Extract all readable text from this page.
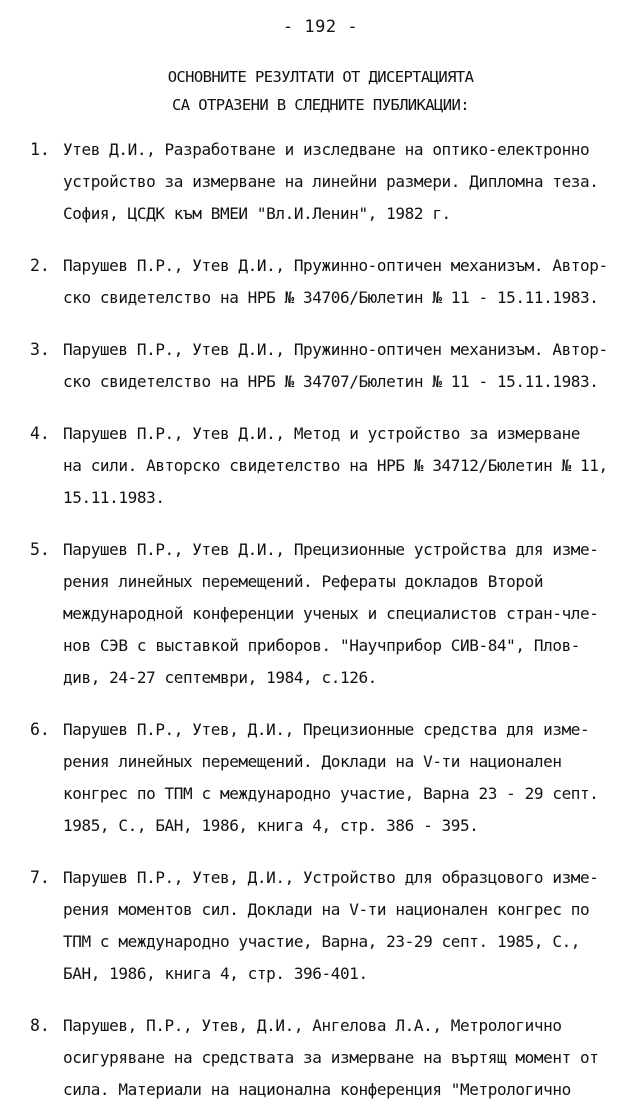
- 192 -
ОСНОВНИТЕ РЕЗУЛТАТИ ОТ ДИСЕРТАЦИЯТА
СА ОТРАЗЕНИ В СЛЕДНИТЕ ПУБЛИКАЦИИ:
1. Утев Д.И., Разработване и изследване на оптико-електронно
устройство за измерване на линейни размери. Дипломна теза.
София, ЦСДК към ВМЕИ "Вл.И.Ленин", 1982 г.
2. Парушев П.Р., Утев Д.И., Пружинно-оптичен механизъм. Автор-
ско свидетелство на НРБ № 34706/Бюлетин № 11 - 15.11.1983.
3. Парушев П.Р., Утев Д.И., Пружинно-оптичен механизъм. Автор-
ско свидетелство на НРБ № 34707/Бюлетин № 11 - 15.11.1983.
4. Парушев П.Р., Утев Д.И., Метод и устройство за измерване
на сили. Авторско свидетелство на НРБ № 34712/Бюлетин № 11,
15.11.1983.
5. Парушев П.Р., Утев Д.И., Прецизионные устройства для изме-
рения линейных перемещений. Рефераты докладов Второй
международной конференции ученых и специалистов стран-чле-
нов СЭВ с выставкой приборов. "Научприбор СИВ-84", Плов-
див, 24-27 септември, 1984, с.126.
6. Парушев П.Р., Утев, Д.И., Прецизионные средства для изме-
рения линейных перемещений. Доклади на V-ти национален
конгрес по ТПМ с международно участие, Варна 23 - 29 септ.
1985, С., БАН, 1986, книга 4, стр. 386 - 395.
7. Парушев П.Р., Утев, Д.И., Устройство для образцового изме-
рения моментов сил. Доклади на V-ти национален конгрес по
ТПМ с международно участие, Варна, 23-29 септ. 1985, С.,
БАН, 1986, книга 4, стр. 396-401.
8. Парушев, П.Р., Утев, Д.И., Ангелова Л.А., Метрологично
осигуряване на средствата за измерване на въртящ момент от
сила. Материали на национална конференция "Метрологично
